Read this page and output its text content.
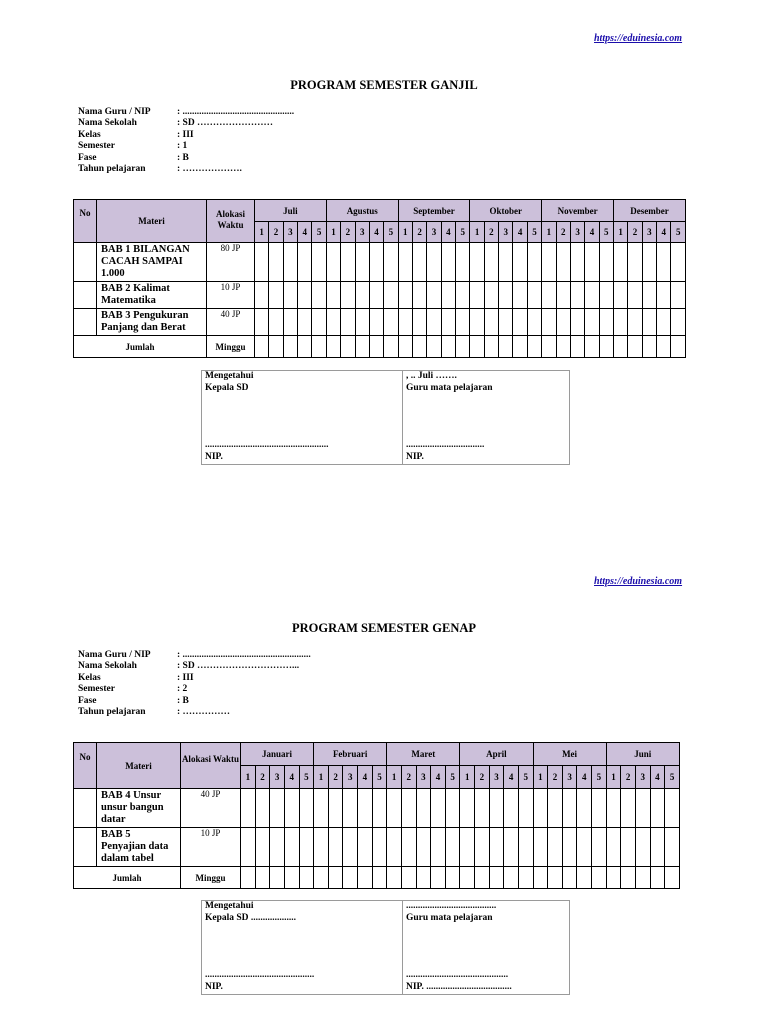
https://eduinesia.com
PROGRAM SEMESTER GANJIL
Nama Guru / NIP	: ...............................................
Nama Sekolah	: SD ……………………
Kelas	: III
Semester	: 1
Fase	: B
Tahun pelajaran	: ……………….
No	Materi	Alokasi Waktu	Juli					Agustus					September					Oktober					November					Desember				
			1	2	3	4	5	1	2	3	4	5	1	2	3	4	5	1	2	3	4	5	1	2	3	4	5	1	2	3	4	5
	BAB 1 BILANGAN CACAH SAMPAI 1.000	80 JP																														
	BAB 2 Kalimat Matematika	10 JP																														
	BAB 3 Pengukuran Panjang dan Berat	40 JP																														
Jumlah		Minggu																														
Mengetahui
Kepala SD
....................................................
NIP.
, .. Juli …….
Guru mata pelajaran
.................................
NIP.
https://eduinesia.com
PROGRAM SEMESTER GENAP
Nama Guru / NIP	: ......................................................
Nama Sekolah	: SD …………………………...
Kelas	: III
Semester	: 2
Fase	: B
Tahun pelajaran	: ……………
No	Materi	Alokasi Waktu	Januari					Februari					Maret					April					Mei					Juni				
			1	2	3	4	5	1	2	3	4	5	1	2	3	4	5	1	2	3	4	5	1	2	3	4	5	1	2	3	4	5
	BAB 4 Unsur unsur bangun datar	40 JP																														
	BAB 5 Penyajian data dalam tabel	10 JP																														
Jumlah		Minggu																														
Mengetahui
Kepala SD ...................
..............................................
NIP.
......................................
Guru mata pelajaran
...........................................
NIP. ....................................
